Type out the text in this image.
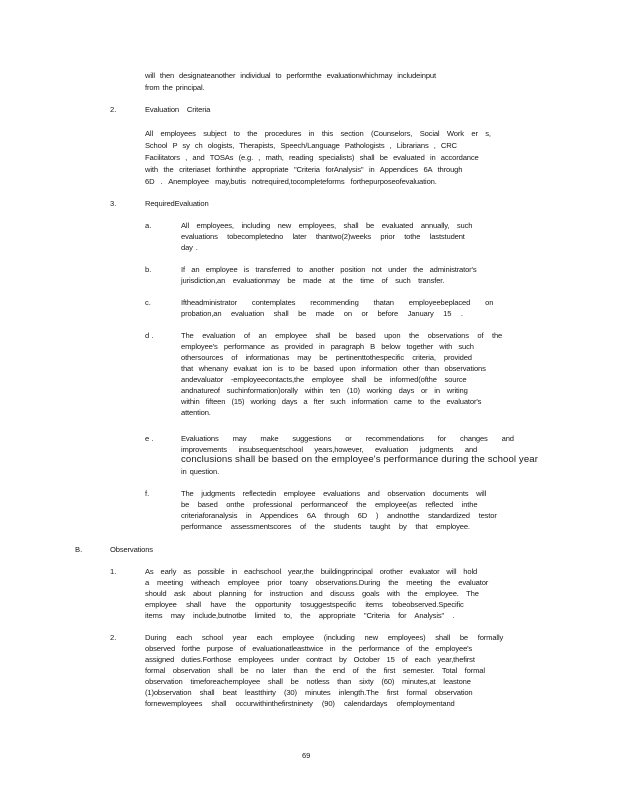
will then designateanother individual to performthe evaluationwhichmay includeinput
from the principal.
2.	Evaluation Criteria
All employees subject to the procedures in this section (Counselors, Social Work er s,
School P sy ch ologists, Therapists, Speech/Language Pathologists , Librarians , CRC
Facilitators , and TOSAs (e.g. , math, reading specialists) shall be evaluated in accordance
with the criteriaset forthinthe appropriate "Criteria forAnalysis" in Appendices 6A through
6D . Anemployee may,butis notrequired,tocompleteforms forthepurposeofevaluation.
3.	RequiredEvaluation
a.	All employees, including new employees, shall be evaluated annually, such
evaluations tobecompletedno later thantwo(2)weeks prior tothe laststudent
day .
b.	If an employee is transferred to another position not under the administrator's
jurisdiction,an evaluationmay be made at the time of such transfer.
c.	Iftheadministrator contemplates recommending thatan employeebeplaced on
probation,an evaluation shall be made on or before January 15 .
d .	The evaluation of an employee shall be based upon the observations of the
employee's performance as provided in paragraph B below together with such
othersources of informationas may be pertinenttothespecific criteria, provided
that whenany evaluat ion is to be based upon information other than observations
andevaluator -employeecontacts,the employee shall be informed(ofthe source
andnatureof suchinformation)orally within ten (10) working days or in writing
within fifteen (15) working days a fter such information came to the evaluator's
attention.
e .	Evaluations may make suggestions or recommendations for changes and
improvements insubsequentschool years,however, evaluation judgments and
conclusions shall be based on the employee's performance during the school year
in question.
f.	The judgments reflectedin employee evaluations and observation documents will
be based onthe professional performanceof the employee(as reflected inthe
criteriaforanalysis in Appendices 6A through 6D ) andnotthe standardized testor
performance assessmentscores of the students taught by that employee.
B.	Observations
1.	As early as possible in eachschool year,the buildingprincipal orother evaluator will hold
a meeting witheach employee prior toany observations.During the meeting the evaluator
should ask about planning for instruction and discuss goals with the employee. The
employee shall have the opportunity tosuggestspecific items tobeobserved.Specific
items may include,butnotbe limited to, the appropriate "Criteria for Analysis" .
2.	During each school year each employee (including new employees) shall be formally
observed forthe purpose of evaluationatleasttwice in the performance of the employee's
assigned duties.Forthose employees under contract by October 15 of each year,thefirst
formal observation shall be no later than the end of the first semester. Total formal
observation timeforeachemployee shall be notless than sixty (60) minutes,at leastone
(1)observation shall beat leastthirty (30) minutes inlength.The first formal observation
fornewemployees shall occurwithinthefirstninety (90) calendardays ofemploymentand
69
